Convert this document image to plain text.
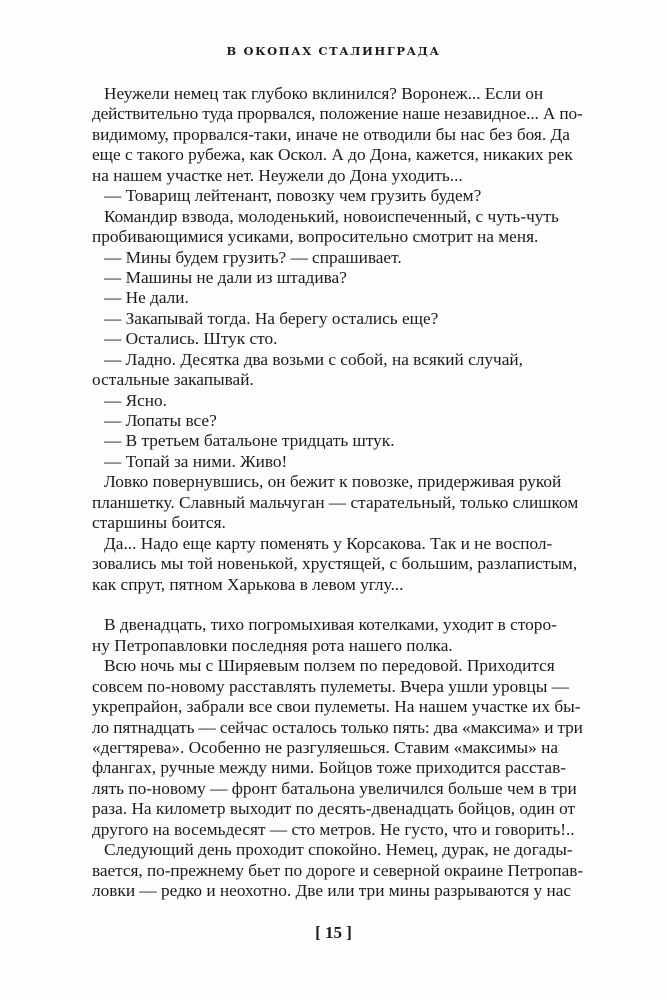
В ОКОПАХ СТАЛИНГРАДА
Неужели немец так глубоко вклинился? Воронеж... Если он
действительно туда прорвался, положение наше незавидное... А по-
видимому, прорвался-таки, иначе не отводили бы нас без боя. Да
еще с такого рубежа, как Оскол. А до Дона, кажется, никаких рек
на нашем участке нет. Неужели до Дона уходить...
— Товарищ лейтенант, повозку чем грузить будем?
Командир взвода, молоденький, новоиспеченный, с чуть-чуть
пробивающимися усиками, вопросительно смотрит на меня.
— Мины будем грузить? — спрашивает.
— Машины не дали из штадива?
— Не дали.
— Закапывай тогда. На берегу остались еще?
— Остались. Штук сто.
— Ладно. Десятка два возьми с собой, на всякий случай,
остальные закапывай.
— Ясно.
— Лопаты все?
— В третьем батальоне тридцать штук.
— Топай за ними. Живо!
Ловко повернувшись, он бежит к повозке, придерживая рукой
планшетку. Славный мальчуган — старательный, только слишком
старшины боится.
Да... Надо еще карту поменять у Корсакова. Так и не воспол-
зовались мы той новенькой, хрустящей, с большим, разлапистым,
как спрут, пятном Харькова в левом углу...
В двенадцать, тихо погромыхивая котелками, уходит в сторо-
ну Петропавловки последняя рота нашего полка.
Всю ночь мы с Ширяевым ползем по передовой. Приходится
совсем по-новому расставлять пулеметы. Вчера ушли уровцы —
укрепрайон, забрали все свои пулеметы. На нашем участке их бы-
ло пятнадцать — сейчас осталось только пять: два «максима» и три
«дегтярева». Особенно не разгуляешься. Ставим «максимы» на
флангах, ручные между ними. Бойцов тоже приходится расстав-
лять по-новому — фронт батальона увеличился больше чем в три
раза. На километр выходит по десять-двенадцать бойцов, один от
другого на восемьдесят — сто метров. Не густо, что и говорить!..
Следующий день проходит спокойно. Немец, дурак, не догады-
вается, по-прежнему бьет по дороге и северной окраине Петропав-
ловки — редко и неохотно. Две или три мины разрываются у нас
[ 15 ]
